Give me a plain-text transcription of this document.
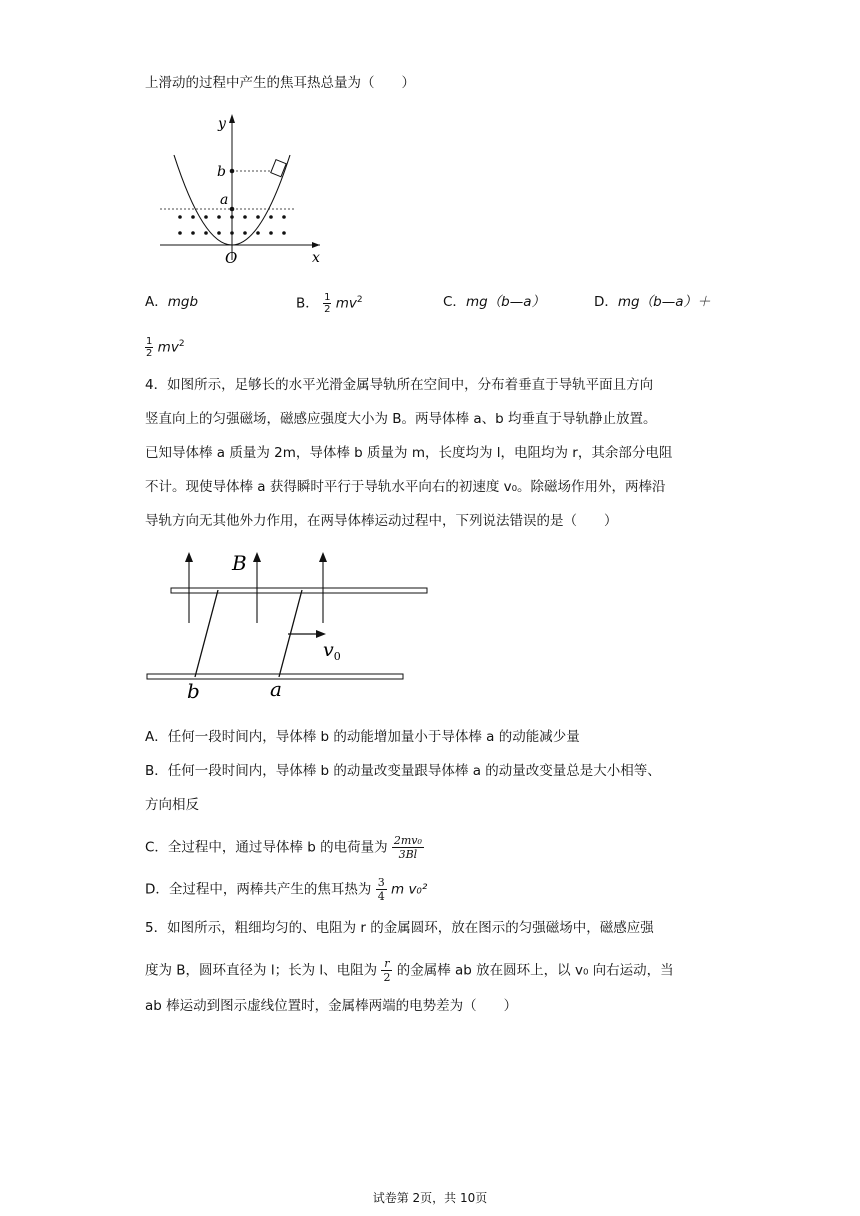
上滑动的过程中产生的焦耳热总量为（　　）
y
b
a
O	x
A．mgb	B． $\frac{1}{2} mv^2$	C．mg（b—a）	D．mg（b—a）＋
$\frac{1}{2} mv^2$
4．如图所示，足够长的水平光滑金属导轨所在空间中，分布着垂直于导轨平面且方向
竖直向上的匀强磁场，磁感应强度大小为 B。两导体棒 a、b 均垂直于导轨静止放置。
已知导体棒 a 质量为 2m，导体棒 b 质量为 m，长度均为 l，电阻均为 r，其余部分电阻
不计。现使导体棒 a 获得瞬时平行于导轨水平向右的初速度 v₀。除磁场作用外，两棒沿
导轨方向无其他外力作用，在两导体棒运动过程中，下列说法错误的是（　　）
B
$v_0$
b	a
A．任何一段时间内，导体棒 b 的动能增加量小于导体棒 a 的动能减少量
B．任何一段时间内，导体棒 b 的动量改变量跟导体棒 a 的动量改变量总是大小相等、
方向相反
C．全过程中，通过导体棒 b 的电荷量为 $\frac{\text{2mv₀}}{3Bl}$
D．全过程中，两棒共产生的焦耳热为 $\frac{3}{4}$ m v₀²
5．如图所示，粗细均匀的、电阻为 r 的金属圆环，放在图示的匀强磁场中，磁感应强
度为 B，圆环直径为 l；长为 l、电阻为 $\frac{r}{2}$ 的金属棒 ab 放在圆环上，以 v₀ 向右运动，当
ab 棒运动到图示虚线位置时，金属棒两端的电势差为（　　）
试卷第 2页，共 10页
